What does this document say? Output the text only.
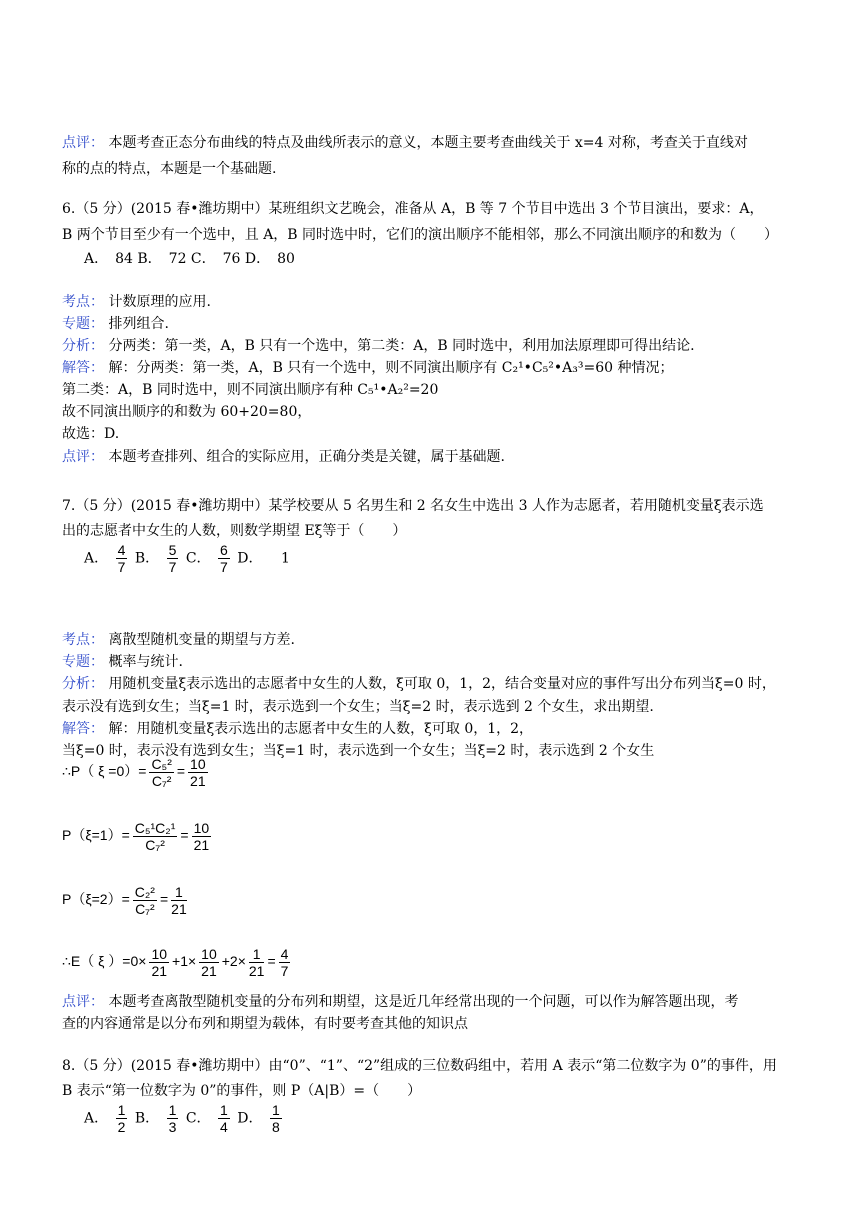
点评： 本题考查正态分布曲线的特点及曲线所表示的意义，本题主要考查曲线关于 x=4 对称，考查关于直线对
称的点的特点，本题是一个基础题.
6.（5 分）(2015 春•潍坊期中）某班组织文艺晚会，准备从 A，B 等 7 个节目中选出 3 个节目演出，要求：A，
B 两个节目至少有一个选中，且 A，B 同时选中时，它们的演出顺序不能相邻，那么不同演出顺序的和数为（　　）
A．　84 B．　72 C．　76 D．　80
考点： 计数原理的应用.
专题： 排列组合.
分析： 分两类：第一类，A，B 只有一个选中，第二类：A，B 同时选中，利用加法原理即可得出结论.
解答： 解：分两类：第一类，A，B 只有一个选中，则不同演出顺序有 C₂¹•C₅²•A₃³=60 种情况；
第二类：A，B 同时选中，则不同演出顺序有种 C₅¹•A₂²=20
故不同演出顺序的和数为 60+20=80，
故选：D.
点评： 本题考查排列、组合的实际应用，正确分类是关键，属于基础题.
7.（5 分）(2015 春•潍坊期中）某学校要从 5 名男生和 2 名女生中选出 3 人作为志愿者，若用随机变量ξ表示选
出的志愿者中女生的人数，则数学期望 Eξ等于（　　）
A． $\frac{4}{7}$ B． $\frac{5}{7}$ C． $\frac{6}{7}$ D． 1
考点： 离散型随机变量的期望与方差.
专题： 概率与统计.
分析： 用随机变量ξ表示选出的志愿者中女生的人数，ξ可取 0，1，2，结合变量对应的事件写出分布列当ξ=0 时，
表示没有选到女生；当ξ=1 时，表示选到一个女生；当ξ=2 时，表示选到 2 个女生，求出期望.
解答： 解：用随机变量ξ表示选出的志愿者中女生的人数，ξ可取 0，1，2，
当ξ=0 时，表示没有选到女生；当ξ=1 时，表示选到一个女生；当ξ=2 时，表示选到 2 个女生
∴P（ $\xi =0)= \frac{\text{C₅²}}{\text{C₇²}} = \frac{10}{21}$
$P(\xi=1)= \frac{\text{C₅¹C₂¹}}{\text{C₇²}} = \frac{10}{21}$
$P(\xi=2)= \frac{\text{C₂²}}{\text{C₇²}} = \frac{1}{21}$
∴E（ ξ ）$=0\times \frac{10}{21} +1\times \frac{10}{21} +2\times \frac{1}{21} = \frac{4}{7}$
点评： 本题考查离散型随机变量的分布列和期望，这是近几年经常出现的一个问题，可以作为解答题出现，考
查的内容通常是以分布列和期望为载体，有时要考查其他的知识点
8.（5 分）(2015 春•潍坊期中）由“0”、“1”、“2”组成的三位数码组中，若用 A 表示“第二位数字为 0”的事件，用
B 表示“第一位数字为 0”的事件，则 P（A|B）=（　　）
A． $\frac{1}{2}$ B． $\frac{1}{3}$ C． $\frac{1}{4}$ D． $\frac{1}{8}$
